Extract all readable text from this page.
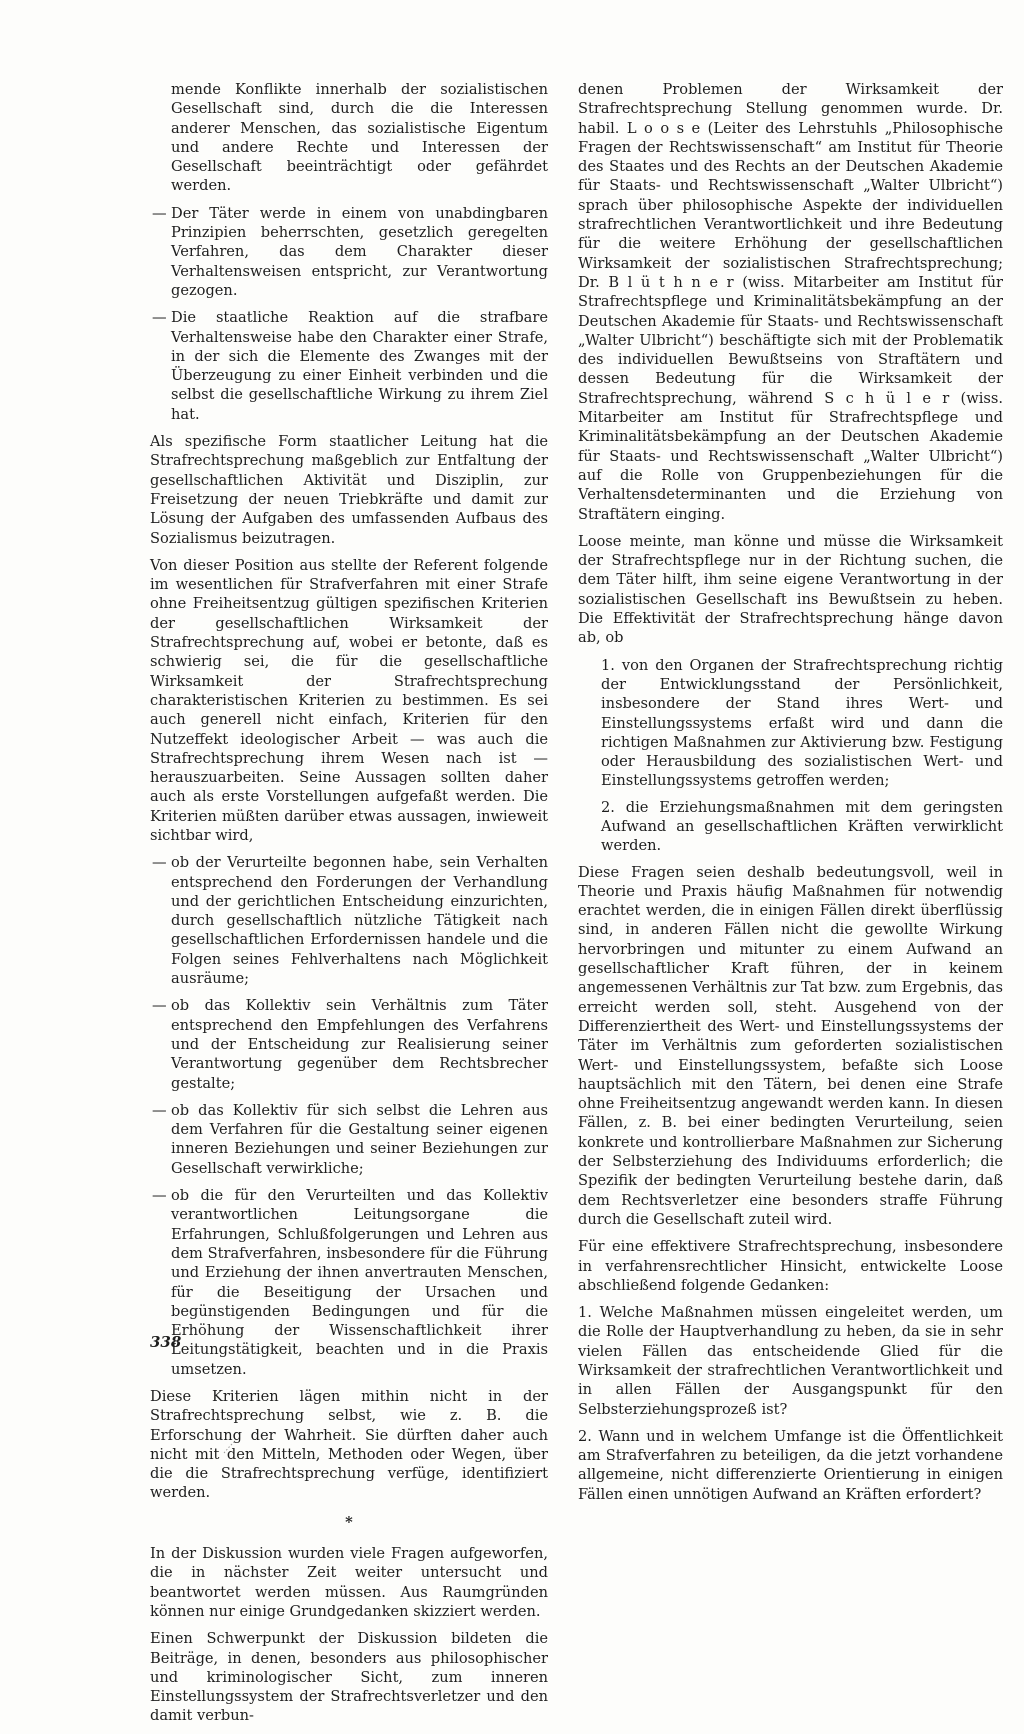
mende Konflikte innerhalb der sozialistischen Gesellschaft sind, durch die die Interessen anderer Menschen, das sozialistische Eigentum und andere Rechte und Interessen der Gesellschaft beeinträchtigt oder gefährdet werden.

— Der Täter werde in einem von unabdingbaren Prinzipien beherrschten, gesetzlich geregelten Verfahren, das dem Charakter dieser Verhaltensweisen entspricht, zur Verantwortung gezogen.
— Die staatliche Reaktion auf die strafbare Verhaltensweise habe den Charakter einer Strafe, in der sich die Elemente des Zwanges mit der Überzeugung zu einer Einheit verbinden und die selbst die gesellschaftliche Wirkung zu ihrem Ziel hat.

Als spezifische Form staatlicher Leitung hat die Strafrechtsprechung maßgeblich zur Entfaltung der gesellschaftlichen Aktivität und Disziplin, zur Freisetzung der neuen Triebkräfte und damit zur Lösung der Aufgaben des umfassenden Aufbaus des Sozialismus beizutragen.

Von dieser Position aus stellte der Referent folgende im wesentlichen für Strafverfahren mit einer Strafe ohne Freiheitsentzug gültigen spezifischen Kriterien der gesellschaftlichen Wirksamkeit der Strafrechtsprechung auf, wobei er betonte, daß es schwierig sei, die für die gesellschaftliche Wirksamkeit der Strafrechtsprechung charakteristischen Kriterien zu bestimmen. Es sei auch generell nicht einfach, Kriterien für den Nutzeffekt ideologischer Arbeit — was auch die Strafrechtsprechung ihrem Wesen nach ist — herauszuarbeiten. Seine Aussagen sollten daher auch als erste Vorstellungen aufgefaßt werden. Die Kriterien müßten darüber etwas aussagen, inwieweit sichtbar wird,

— ob der Verurteilte begonnen habe, sein Verhalten entsprechend den Forderungen der Verhandlung und der gerichtlichen Entscheidung einzurichten, durch gesellschaftlich nützliche Tätigkeit nach gesellschaftlichen Erfordernissen handele und die Folgen seines Fehlverhaltens nach Möglichkeit ausräume;
— ob das Kollektiv sein Verhältnis zum Täter entsprechend den Empfehlungen des Verfahrens und der Entscheidung zur Realisierung seiner Verantwortung gegenüber dem Rechtsbrecher gestalte;
— ob das Kollektiv für sich selbst die Lehren aus dem Verfahren für die Gestaltung seiner eigenen inneren Beziehungen und seiner Beziehungen zur Gesellschaft verwirkliche;
— ob die für den Verurteilten und das Kollektiv verantwortlichen Leitungsorgane die Erfahrungen, Schlußfolgerungen und Lehren aus dem Strafverfahren, insbesondere für die Führung und Erziehung der ihnen anvertrauten Menschen, für die Beseitigung der Ursachen und begünstigenden Bedingungen und für die Erhöhung der Wissenschaftlichkeit ihrer Leitungstätigkeit, beachten und in die Praxis umsetzen.

Diese Kriterien lägen mithin nicht in der Strafrechtsprechung selbst, wie z. B. die Erforschung der Wahrheit. Sie dürften daher auch nicht mit den Mitteln, Methoden oder Wegen, über die die Strafrechtsprechung verfüge, identifiziert werden.

*

In der Diskussion wurden viele Fragen aufgeworfen, die in nächster Zeit weiter untersucht und beantwortet werden müssen. Aus Raumgründen können nur einige Grundgedanken skizziert werden.

Einen Schwerpunkt der Diskussion bildeten die Beiträge, in denen, besonders aus philosophischer und kriminologischer Sicht, zum inneren Einstellungssystem der Strafrechtsverletzer und den damit verbun-

denen Problemen der Wirksamkeit der Strafrechtsprechung Stellung genommen wurde. Dr. habil. L o o s e (Leiter des Lehrstuhls „Philosophische Fragen der Rechtswissenschaft“ am Institut für Theorie des Staates und des Rechts an der Deutschen Akademie für Staats- und Rechtswissenschaft „Walter Ulbricht“) sprach über philosophische Aspekte der individuellen strafrechtlichen Verantwortlichkeit und ihre Bedeutung für die weitere Erhöhung der gesellschaftlichen Wirksamkeit der sozialistischen Strafrechtsprechung; Dr. B l ü t h n e r (wiss. Mitarbeiter am Institut für Strafrechtspflege und Kriminalitätsbekämpfung an der Deutschen Akademie für Staats- und Rechtswissenschaft „Walter Ulbricht“) beschäftigte sich mit der Problematik des individuellen Bewußtseins von Straftätern und dessen Bedeutung für die Wirksamkeit der Strafrechtsprechung, während S c h ü l e r (wiss. Mitarbeiter am Institut für Strafrechtspflege und Kriminalitätsbekämpfung an der Deutschen Akademie für Staats- und Rechtswissenschaft „Walter Ulbricht“) auf die Rolle von Gruppenbeziehungen für die Verhaltensdeterminanten und die Erziehung von Straftätern einging.

Loose meinte, man könne und müsse die Wirksamkeit der Strafrechtspflege nur in der Richtung suchen, die dem Täter hilft, ihm seine eigene Verantwortung in der sozialistischen Gesellschaft ins Bewußtsein zu heben. Die Effektivität der Strafrechtsprechung hänge davon ab, ob

1. von den Organen der Strafrechtsprechung richtig der Entwicklungsstand der Persönlichkeit, insbesondere der Stand ihres Wert- und Einstellungssystems erfaßt wird und dann die richtigen Maßnahmen zur Aktivierung bzw. Festigung oder Herausbildung des sozialistischen Wert- und Einstellungssystems getroffen werden;

2. die Erziehungsmaßnahmen mit dem geringsten Aufwand an gesellschaftlichen Kräften verwirklicht werden.

Diese Fragen seien deshalb bedeutungsvoll, weil in Theorie und Praxis häufig Maßnahmen für notwendig erachtet werden, die in einigen Fällen direkt überflüssig sind, in anderen Fällen nicht die gewollte Wirkung hervorbringen und mitunter zu einem Aufwand an gesellschaftlicher Kraft führen, der in keinem angemessenen Verhältnis zur Tat bzw. zum Ergebnis, das erreicht werden soll, steht. Ausgehend von der Differenziertheit des Wert- und Einstellungssystems der Täter im Verhältnis zum geforderten sozialistischen Wert- und Einstellungssystem, befaßte sich Loose hauptsächlich mit den Tätern, bei denen eine Strafe ohne Freiheitsentzug angewandt werden kann. In diesen Fällen, z. B. bei einer bedingten Verurteilung, seien konkrete und kontrollierbare Maßnahmen zur Sicherung der Selbsterziehung des Individuums erforderlich; die Spezifik der bedingten Verurteilung bestehe darin, daß dem Rechtsverletzer eine besonders straffe Führung durch die Gesellschaft zuteil wird.

Für eine effektivere Strafrechtsprechung, insbesondere in verfahrensrechtlicher Hinsicht, entwickelte Loose abschließend folgende Gedanken:

1. Welche Maßnahmen müssen eingeleitet werden, um die Rolle der Hauptverhandlung zu heben, da sie in sehr vielen Fällen das entscheidende Glied für die Wirksamkeit der strafrechtlichen Verantwortlichkeit und in allen Fällen der Ausgangspunkt für den Selbsterziehungsprozeß ist?

2. Wann und in welchem Umfange ist die Öffentlichkeit am Strafverfahren zu beteiligen, da die jetzt vorhandene allgemeine, nicht differenzierte Orientierung in einigen Fällen einen unnötigen Aufwand an Kräften erfordert?

338
